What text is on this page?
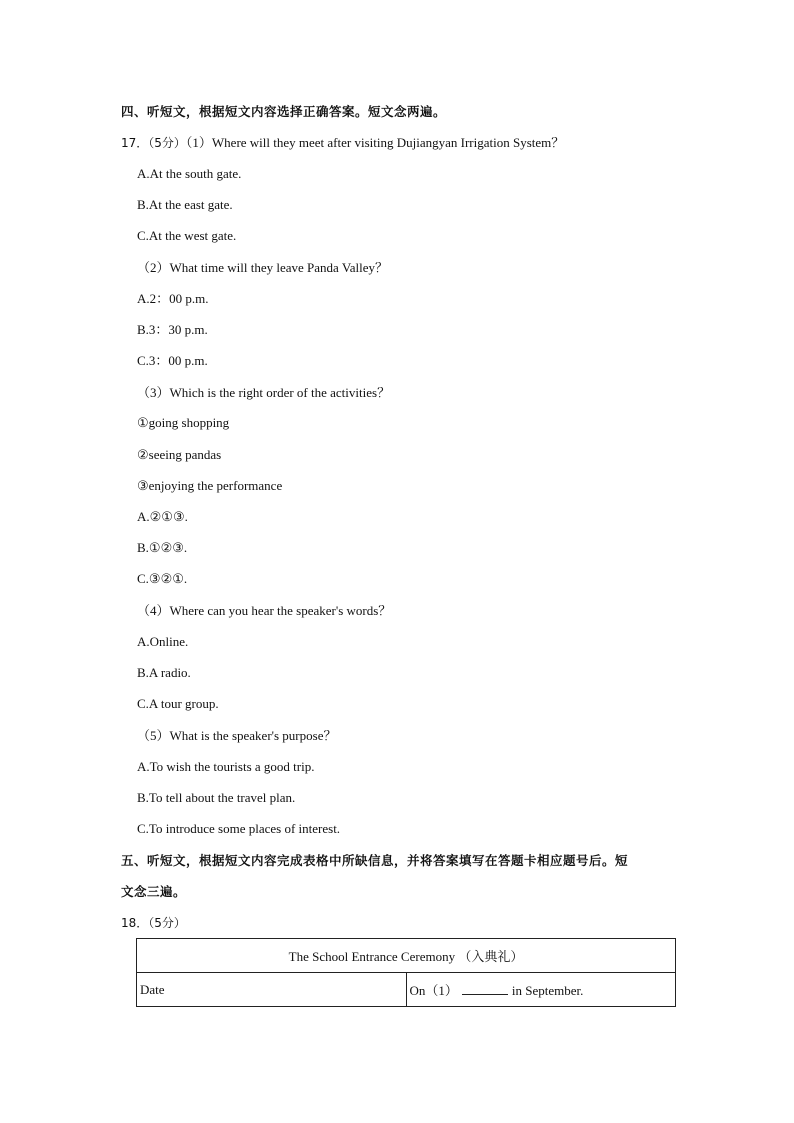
四、听短文，根据短文内容选择正确答案。短文念两遍。
17．（5分）（1）Where will they meet after visiting Dujiangyan Irrigation System？
A.At the south gate.
B.At the east gate.
C.At the west gate.
（2）What time will they leave Panda Valley？
A.2：00 p.m.
B.3：30 p.m.
C.3：00 p.m.
（3）Which is the right order of the activities？
①going shopping
②seeing pandas
③enjoying the performance
A.②①③.
B.①②③.
C.③②①.
（4）Where can you hear the speaker's words？
A.Online.
B.A radio.
C.A tour group.
（5）What is the speaker's purpose？
A.To wish the tourists a good trip.
B.To tell about the travel plan.
C.To introduce some places of interest.
五、听短文，根据短文内容完成表格中所缺信息，并将答案填写在答题卡相应题号后。短
文念三遍。
18．（5分）
The School Entrance Ceremony （入典礼）
Date	On（1）	in September.
